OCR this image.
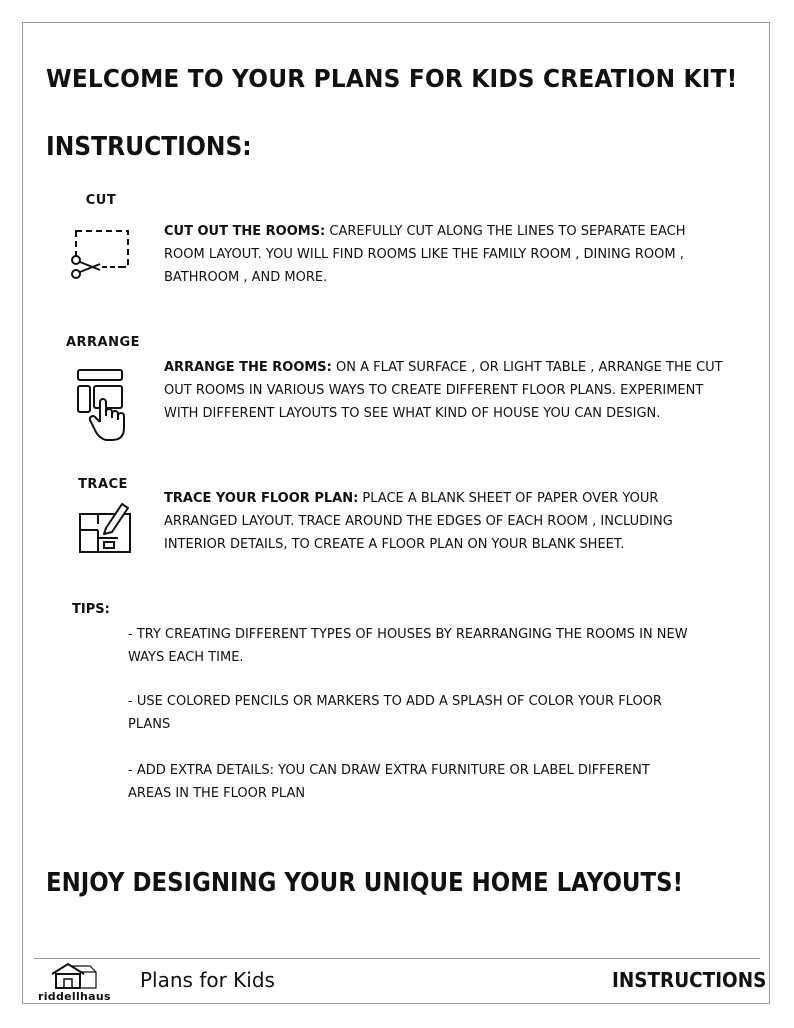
WELCOME TO YOUR PLANS FOR KIDS CREATION KIT!
INSTRUCTIONS:
CUT
CUT OUT THE ROOMS: CAREFULLY CUT ALONG THE LINES TO SEPARATE EACH ROOM LAYOUT. YOU WILL FIND ROOMS LIKE THE FAMILY ROOM , DINING ROOM , BATHROOM , AND MORE.
ARRANGE
ARRANGE THE ROOMS: ON A FLAT SURFACE , OR LIGHT TABLE , ARRANGE THE CUT OUT ROOMS IN VARIOUS WAYS TO CREATE DIFFERENT FLOOR PLANS. EXPERIMENT WITH DIFFERENT LAYOUTS TO SEE WHAT KIND OF HOUSE YOU CAN DESIGN.
TRACE
TRACE YOUR FLOOR PLAN: PLACE A BLANK SHEET OF PAPER OVER YOUR ARRANGED LAYOUT. TRACE AROUND THE EDGES OF EACH ROOM , INCLUDING INTERIOR DETAILS, TO CREATE A FLOOR PLAN ON YOUR BLANK SHEET.
TIPS:
- TRY CREATING DIFFERENT TYPES OF HOUSES BY REARRANGING THE ROOMS IN NEW WAYS EACH TIME.
- USE COLORED PENCILS OR MARKERS TO ADD A SPLASH OF COLOR YOUR FLOOR PLANS
- ADD EXTRA DETAILS: YOU CAN DRAW EXTRA FURNITURE OR LABEL DIFFERENT AREAS IN THE FLOOR PLAN
ENJOY DESIGNING YOUR UNIQUE HOME LAYOUTS!
riddellhaus
Plans for Kids	INSTRUCTIONS
